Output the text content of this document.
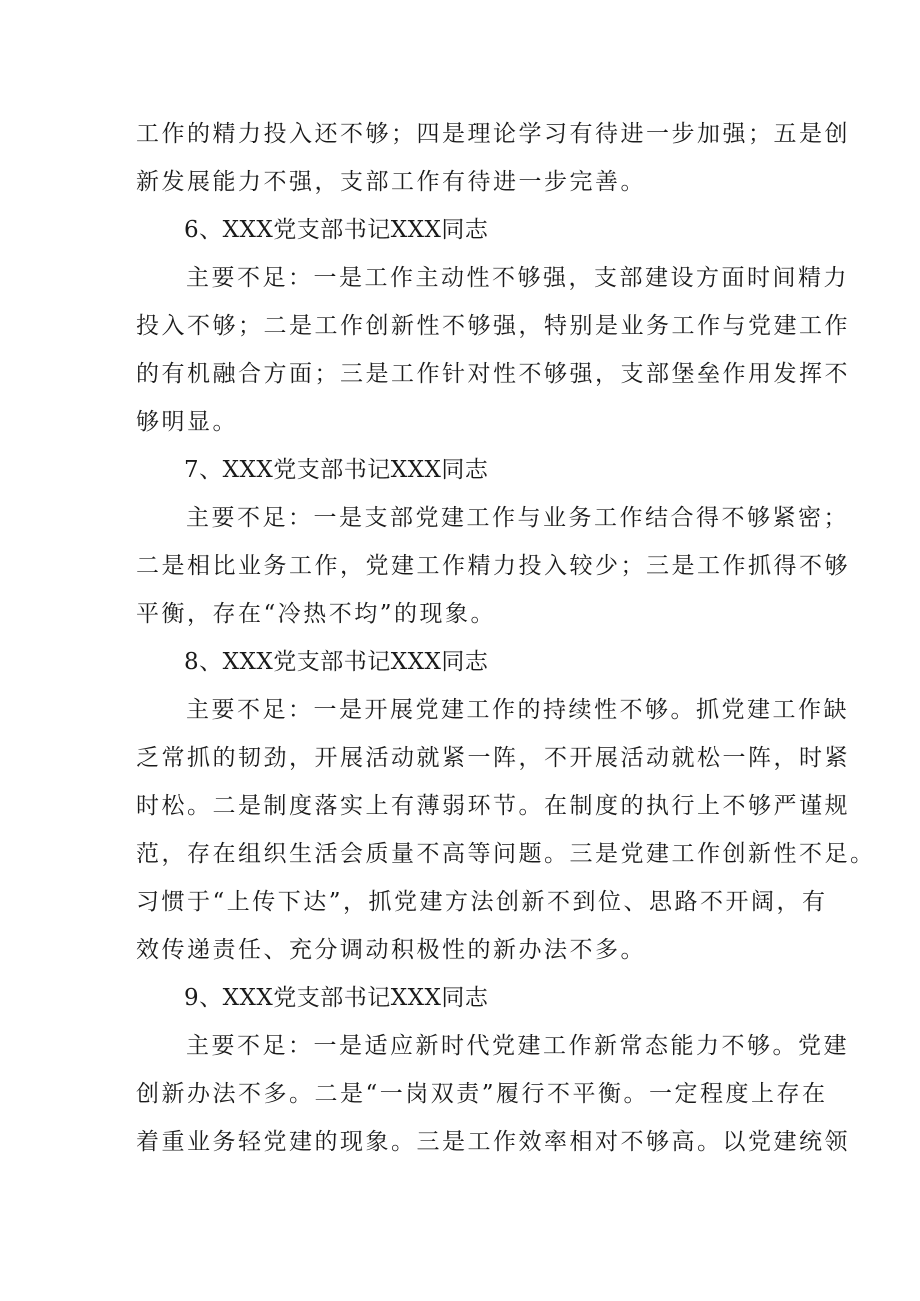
工作的精力投入还不够；四是理论学习有待进一步加强；五是创
新发展能力不强，支部工作有待进一步完善。
6、XXX党支部书记XXX同志
主要不足：一是工作主动性不够强，支部建设方面时间精力
投入不够；二是工作创新性不够强，特别是业务工作与党建工作
的有机融合方面；三是工作针对性不够强，支部堡垒作用发挥不
够明显。
7、XXX党支部书记XXX同志
主要不足：一是支部党建工作与业务工作结合得不够紧密；
二是相比业务工作，党建工作精力投入较少；三是工作抓得不够
平衡，存在“冷热不均”的现象。
8、XXX党支部书记XXX同志
主要不足：一是开展党建工作的持续性不够。抓党建工作缺
乏常抓的韧劲，开展活动就紧一阵，不开展活动就松一阵，时紧
时松。二是制度落实上有薄弱环节。在制度的执行上不够严谨规
范，存在组织生活会质量不高等问题。三是党建工作创新性不足。
习惯于“上传下达”，抓党建方法创新不到位、思路不开阔，有
效传递责任、充分调动积极性的新办法不多。
9、XXX党支部书记XXX同志
主要不足：一是适应新时代党建工作新常态能力不够。党建
创新办法不多。二是“一岗双责”履行不平衡。一定程度上存在
着重业务轻党建的现象。三是工作效率相对不够高。以党建统领
